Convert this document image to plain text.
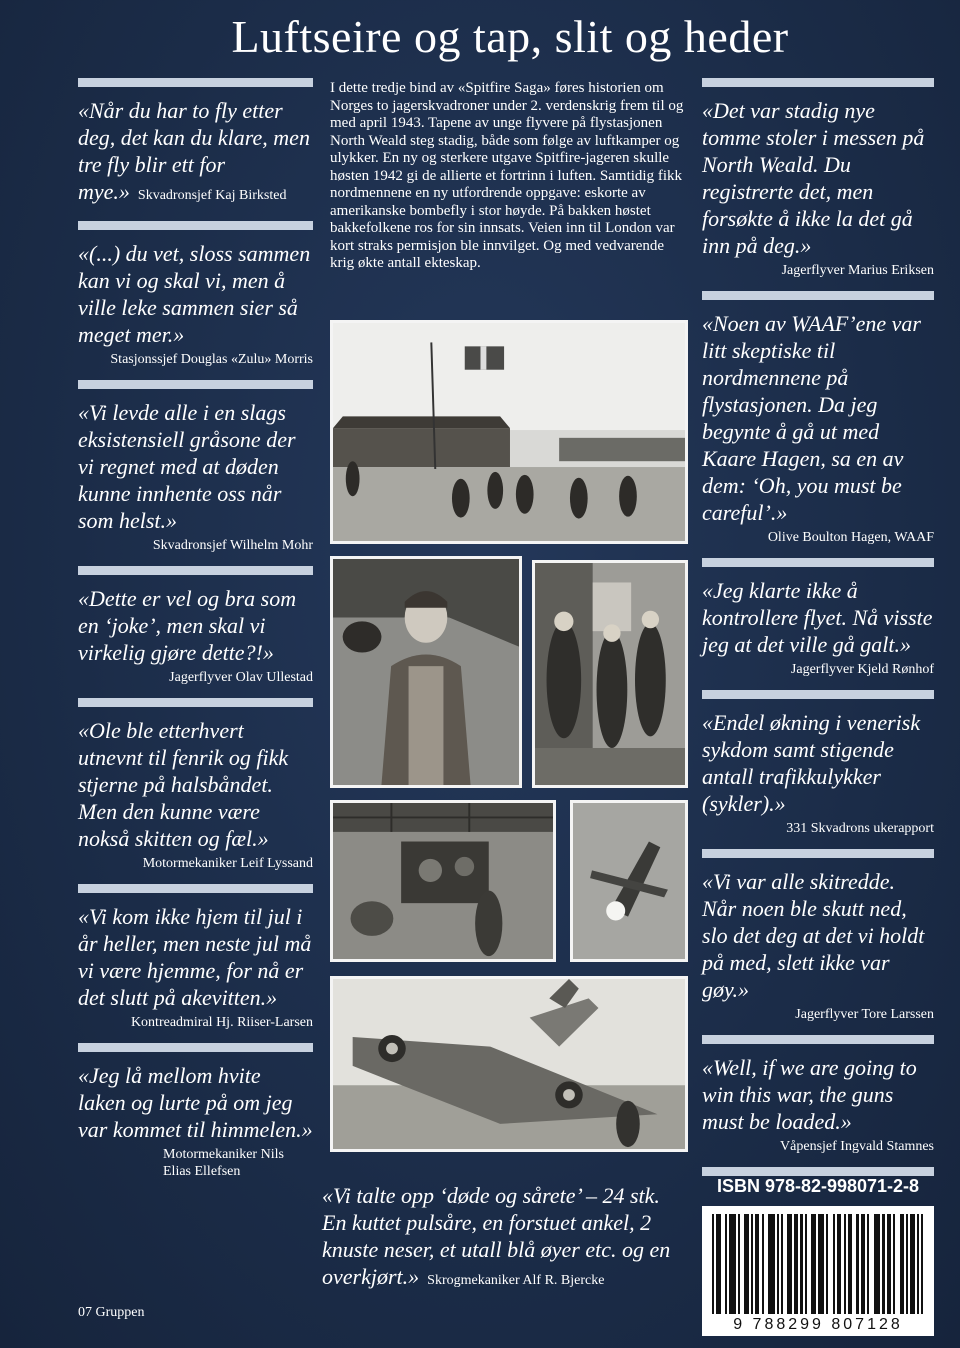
Luftseire og tap, slit og heder

«Når du har to fly etter deg, det kan du klare, men tre fly blir ett for mye.» Skvadronsjef Kaj Birksted

«(...) du vet, sloss sammen kan vi og skal vi, men å ville leke sammen sier så meget mer.»

Stasjonssjef Douglas «Zulu» Morris

«Vi levde alle i en slags eksistensiell gråsone der vi regnet med at døden kunne innhente oss når som helst.»

Skvadronsjef Wilhelm Mohr

«Dette er vel og bra som en ‘joke’, men skal vi virkelig gjøre dette?!»

Jagerflyver Olav Ullestad

«Ole ble etterhvert utnevnt til fenrik og fikk stjerne på halsbåndet. Men den kunne være nokså skitten og fæl.»

Motormekaniker Leif Lyssand

«Vi kom ikke hjem til jul i år heller, men neste jul må vi være hjemme, for nå er det slutt på akevitten.»

Kontreadmiral Hj. Riiser-Larsen

«Jeg lå mellom hvite laken og lurte på om jeg var kommet til himmelen.»

Motormekaniker Nils Elias Ellefsen

I dette tredje bind av «Spitfire Saga» føres historien om Norges to jagerskvadroner under 2. verdenskrig frem til og med april 1943. Tapene av unge flyvere på flystasjonen North Weald steg stadig, både som følge av luftkamper og ulykker. En ny og sterkere utgave Spitfire-jageren skulle høsten 1942 gi de allierte et fortrinn i luften. Samtidig fikk nordmennene en ny utfordrende oppgave: eskorte av amerikanske bombefly i stor høyde. På bakken høstet bakkefolkene ros for sin innsats. Veien inn til London var kort straks permisjon ble innvilget. Og med vedvarende krig økte antall ekteskap.

«Det var stadig nye tomme stoler i messen på North Weald. Du registrerte det, men forsøkte å ikke la det gå inn på deg.»

Jagerflyver Marius Eriksen

«Noen av WAAF’ene var litt skeptiske til nordmennene på flystasjonen. Da jeg begynte å gå ut med Kaare Hagen, sa en av dem: ‘Oh, you must be careful’.»

Olive Boulton Hagen, WAAF

«Jeg klarte ikke å kontrollere flyet. Nå visste jeg at det ville gå galt.»

Jagerflyver Kjeld Rønhof

«Endel økning i venerisk sykdom samt stigende antall trafikkulykker (sykler).»

331 Skvadrons ukerapport

«Vi var alle skitredde. Når noen ble skutt ned, slo det deg at det vi holdt på med, slett ikke var gøy.»

Jagerflyver Tore Larssen

«Well, if we are going to win this war, the guns must be loaded.»

Våpensjef Ingvald Stamnes

«Vi talte opp ‘døde og sårete’ – 24 stk. En kuttet pulsåre, en forstuet ankel, 2 knuste neser, et utall blå øyer etc. og en overkjørt.» Skrogmekaniker Alf R. Bjercke

ISBN 978-82-998071-2-8
9 788299 807128
07 Gruppen
